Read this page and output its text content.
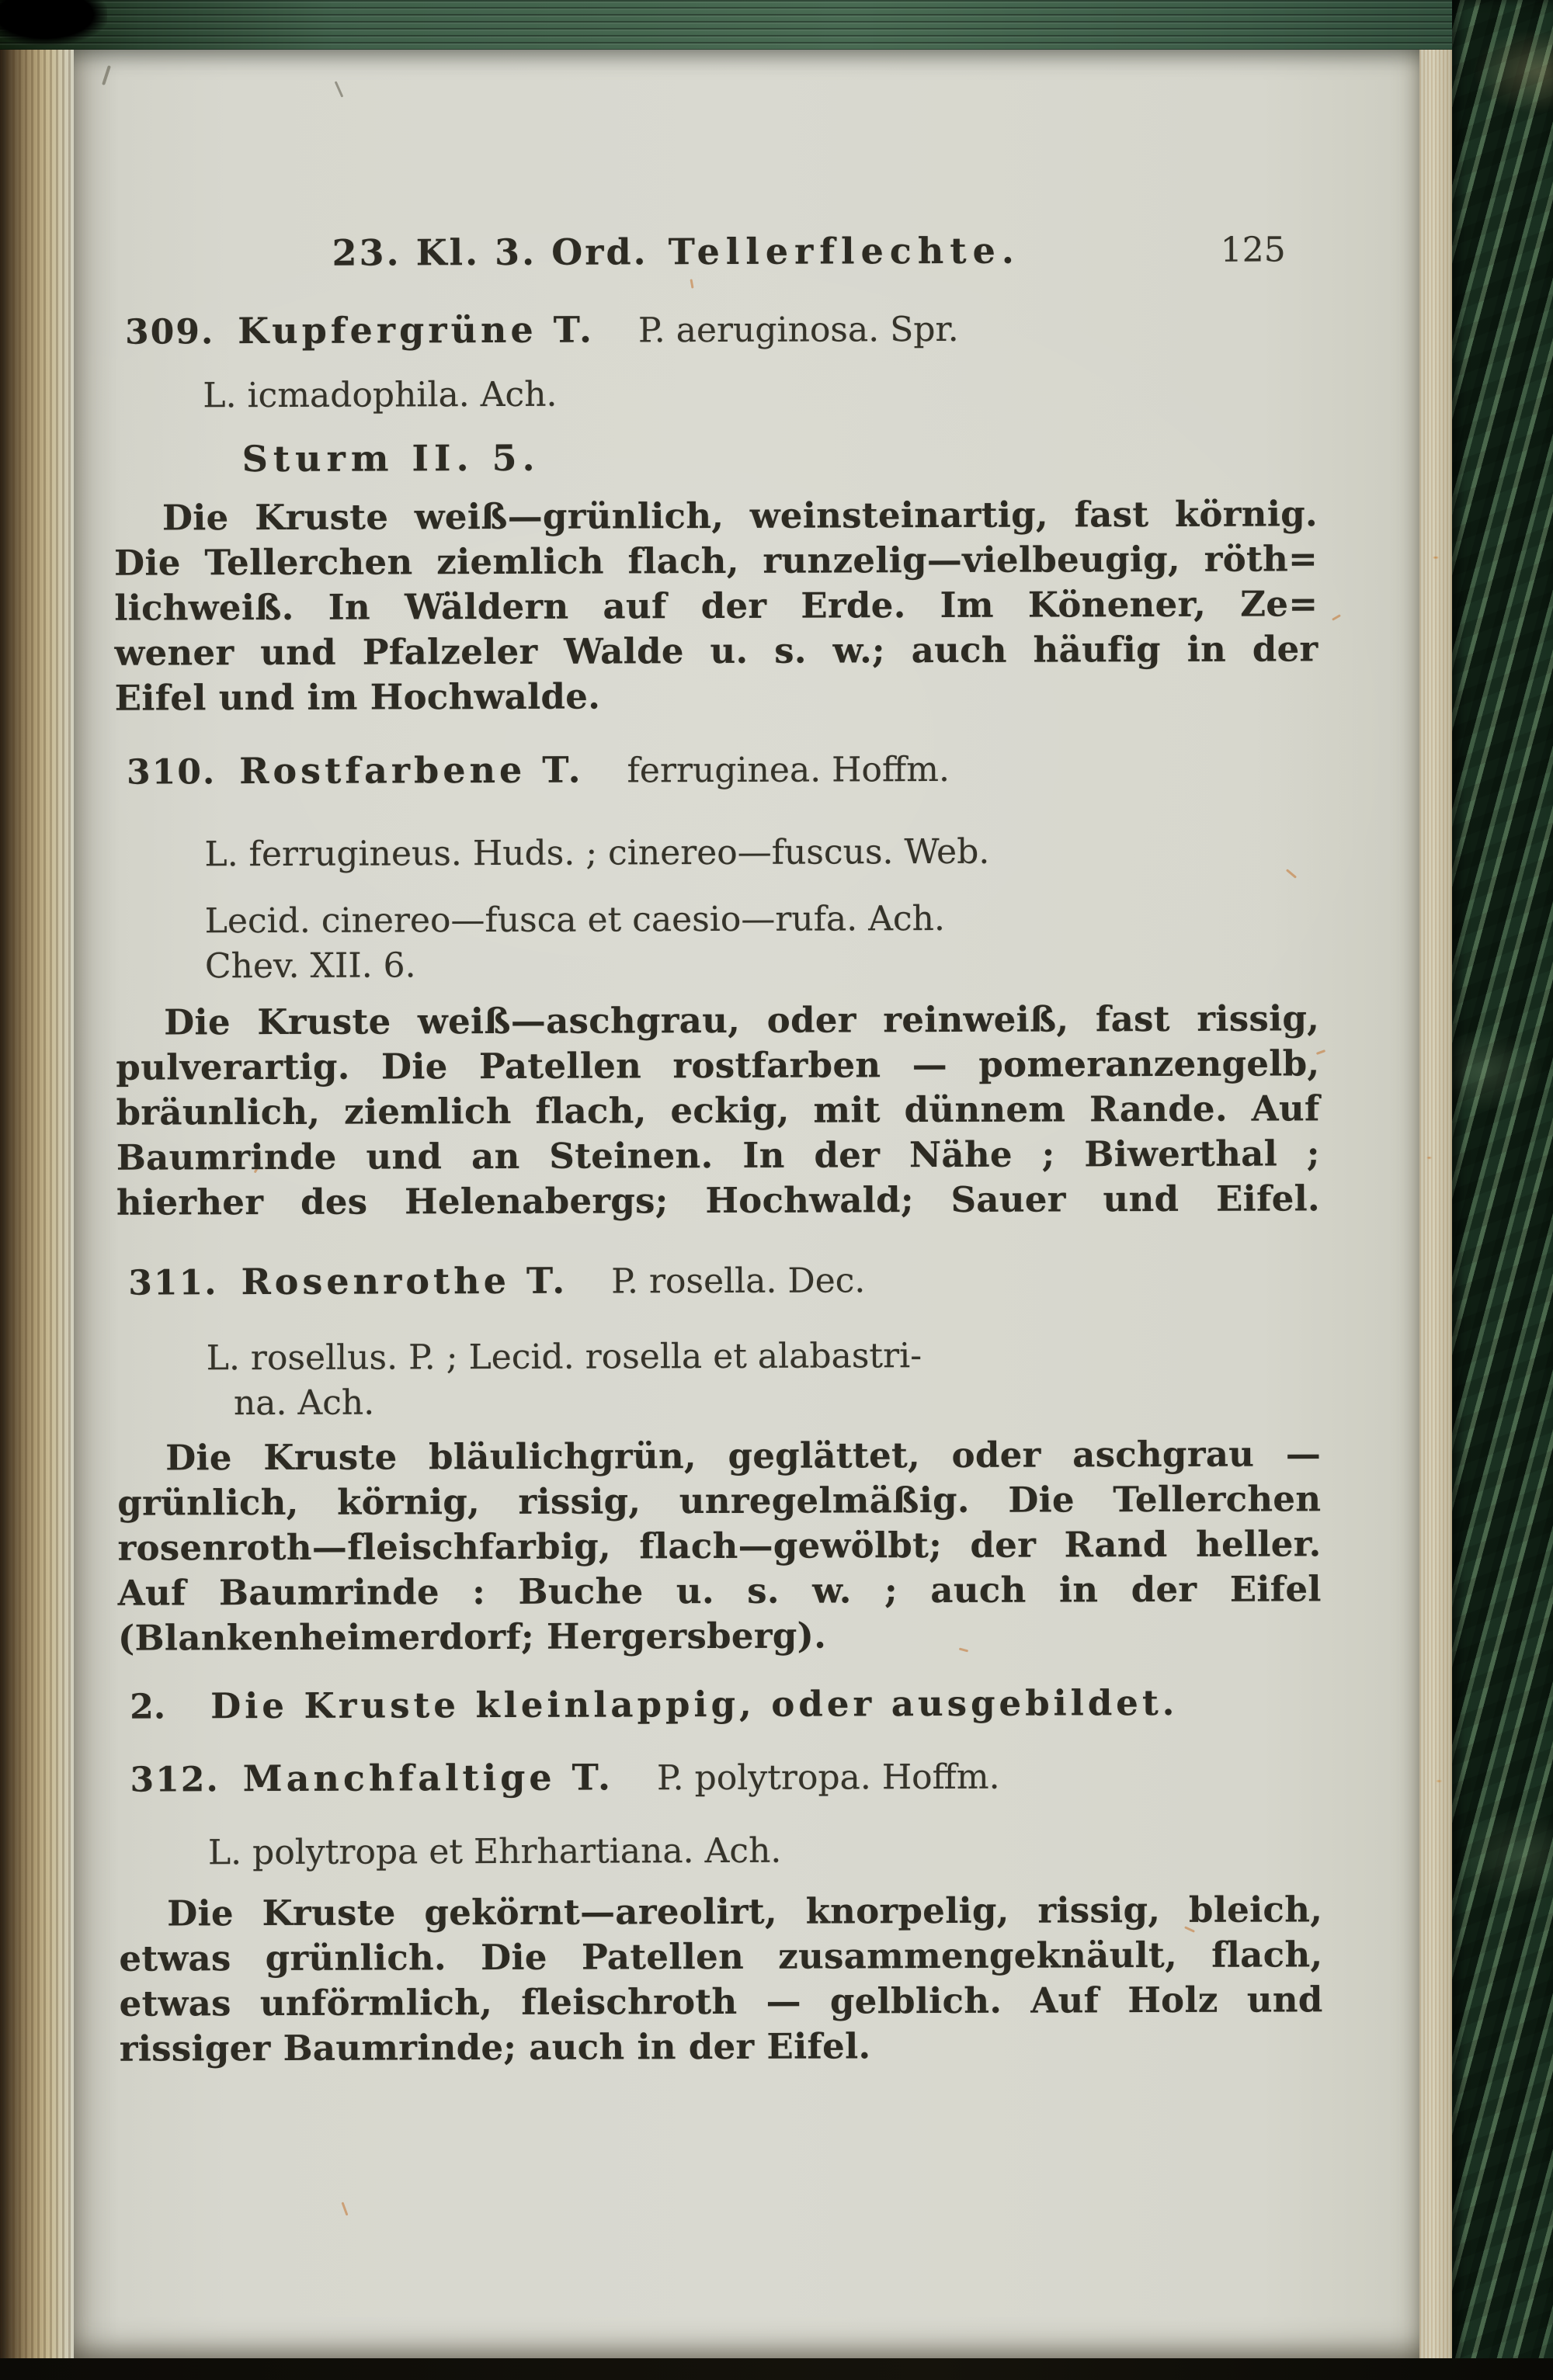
23. Kl. 3. Ord. Tellerflechte.	125
309. Kupfergrüne T. P. aeruginosa. Spr.
L. icmadophila. Ach.
Sturm II. 5.
Die Kruste weiß—grünlich, weinsteinartig, fast körnig.
Die Tellerchen ziemlich flach, runzelig—vielbeugig, röth=
lichweiß. In Wäldern auf der Erde. Im Könener, Ze=
wener und Pfalzeler Walde u. s. w.; auch häufig in der
Eifel und im Hochwalde.
310. Rostfarbene T. ferruginea. Hoffm.
L. ferrugineus. Huds. ; cinereo—fuscus. Web.
Lecid. cinereo—fusca et caesio—rufa. Ach.
Chev. XII. 6.
Die Kruste weiß—aschgrau, oder reinweiß, fast rissig,
pulverartig. Die Patellen rostfarben — pomeranzengelb,
bräunlich, ziemlich flach, eckig, mit dünnem Rande. Auf
Baumrinde und an Steinen. In der Nähe ; Biwerthal ;
hierher des Helenabergs; Hochwald; Sauer und Eifel.
311. Rosenrothe T. P. rosella. Dec.
L. rosellus. P. ; Lecid. rosella et alabastri-
na. Ach.
Die Kruste bläulichgrün, geglättet, oder aschgrau —
grünlich, körnig, rissig, unregelmäßig. Die Tellerchen
rosenroth—fleischfarbig, flach—gewölbt; der Rand heller.
Auf Baumrinde : Buche u. s. w. ; auch in der Eifel
(Blankenheimerdorf; Hergersberg).
2. Die Kruste kleinlappig, oder ausgebildet.
312. Manchfaltige T. P. polytropa. Hoffm.
L. polytropa et Ehrhartiana. Ach.
Die Kruste gekörnt—areolirt, knorpelig, rissig, bleich,
etwas grünlich. Die Patellen zusammengeknäult, flach,
etwas unförmlich, fleischroth — gelblich. Auf Holz und
rissiger Baumrinde; auch in der Eifel.
